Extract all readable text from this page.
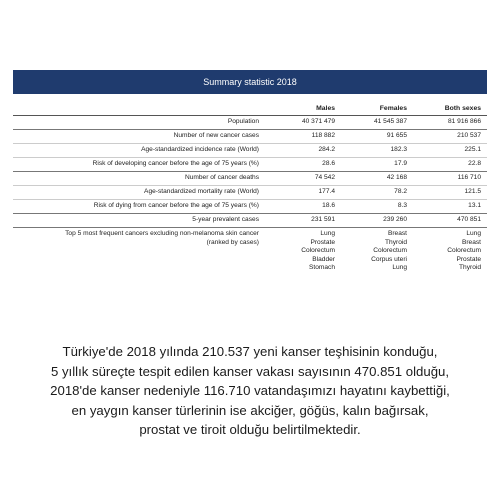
Summary statistic 2018
	Males	Females	Both sexes
Population	40 371 479	41 545 387	81 916 866
Number of new cancer cases	118 882	91 655	210 537
Age-standardized incidence rate (World)	284.2	182.3	225.1
Risk of developing cancer before the age of 75 years (%)	28.6	17.9	22.8
Number of cancer deaths	74 542	42 168	116 710
Age-standardized mortality rate (World)	177.4	78.2	121.5
Risk of dying from cancer before the age of 75 years (%)	18.6	8.3	13.1
5-year prevalent cases	231 591	239 260	470 851

Top 5 most frequent cancers excluding non-melanoma skin cancer
(ranked by cases)	Lung
Prostate
Colorectum
Bladder
Stomach	Breast
Thyroid
Colorectum
Corpus uteri
Lung	Lung
Breast
Colorectum
Prostate
Thyroid
Türkiye'de 2018 yılında 210.537 yeni kanser teşhisinin konduğu,
5 yıllık süreçte tespit edilen kanser vakası sayısının 470.851 olduğu,
2018'de kanser nedeniyle 116.710 vatandaşımızı hayatını kaybettiği,
en yaygın kanser türlerinin ise akciğer, göğüs, kalın bağırsak,
prostat ve tiroit olduğu belirtilmektedir.
